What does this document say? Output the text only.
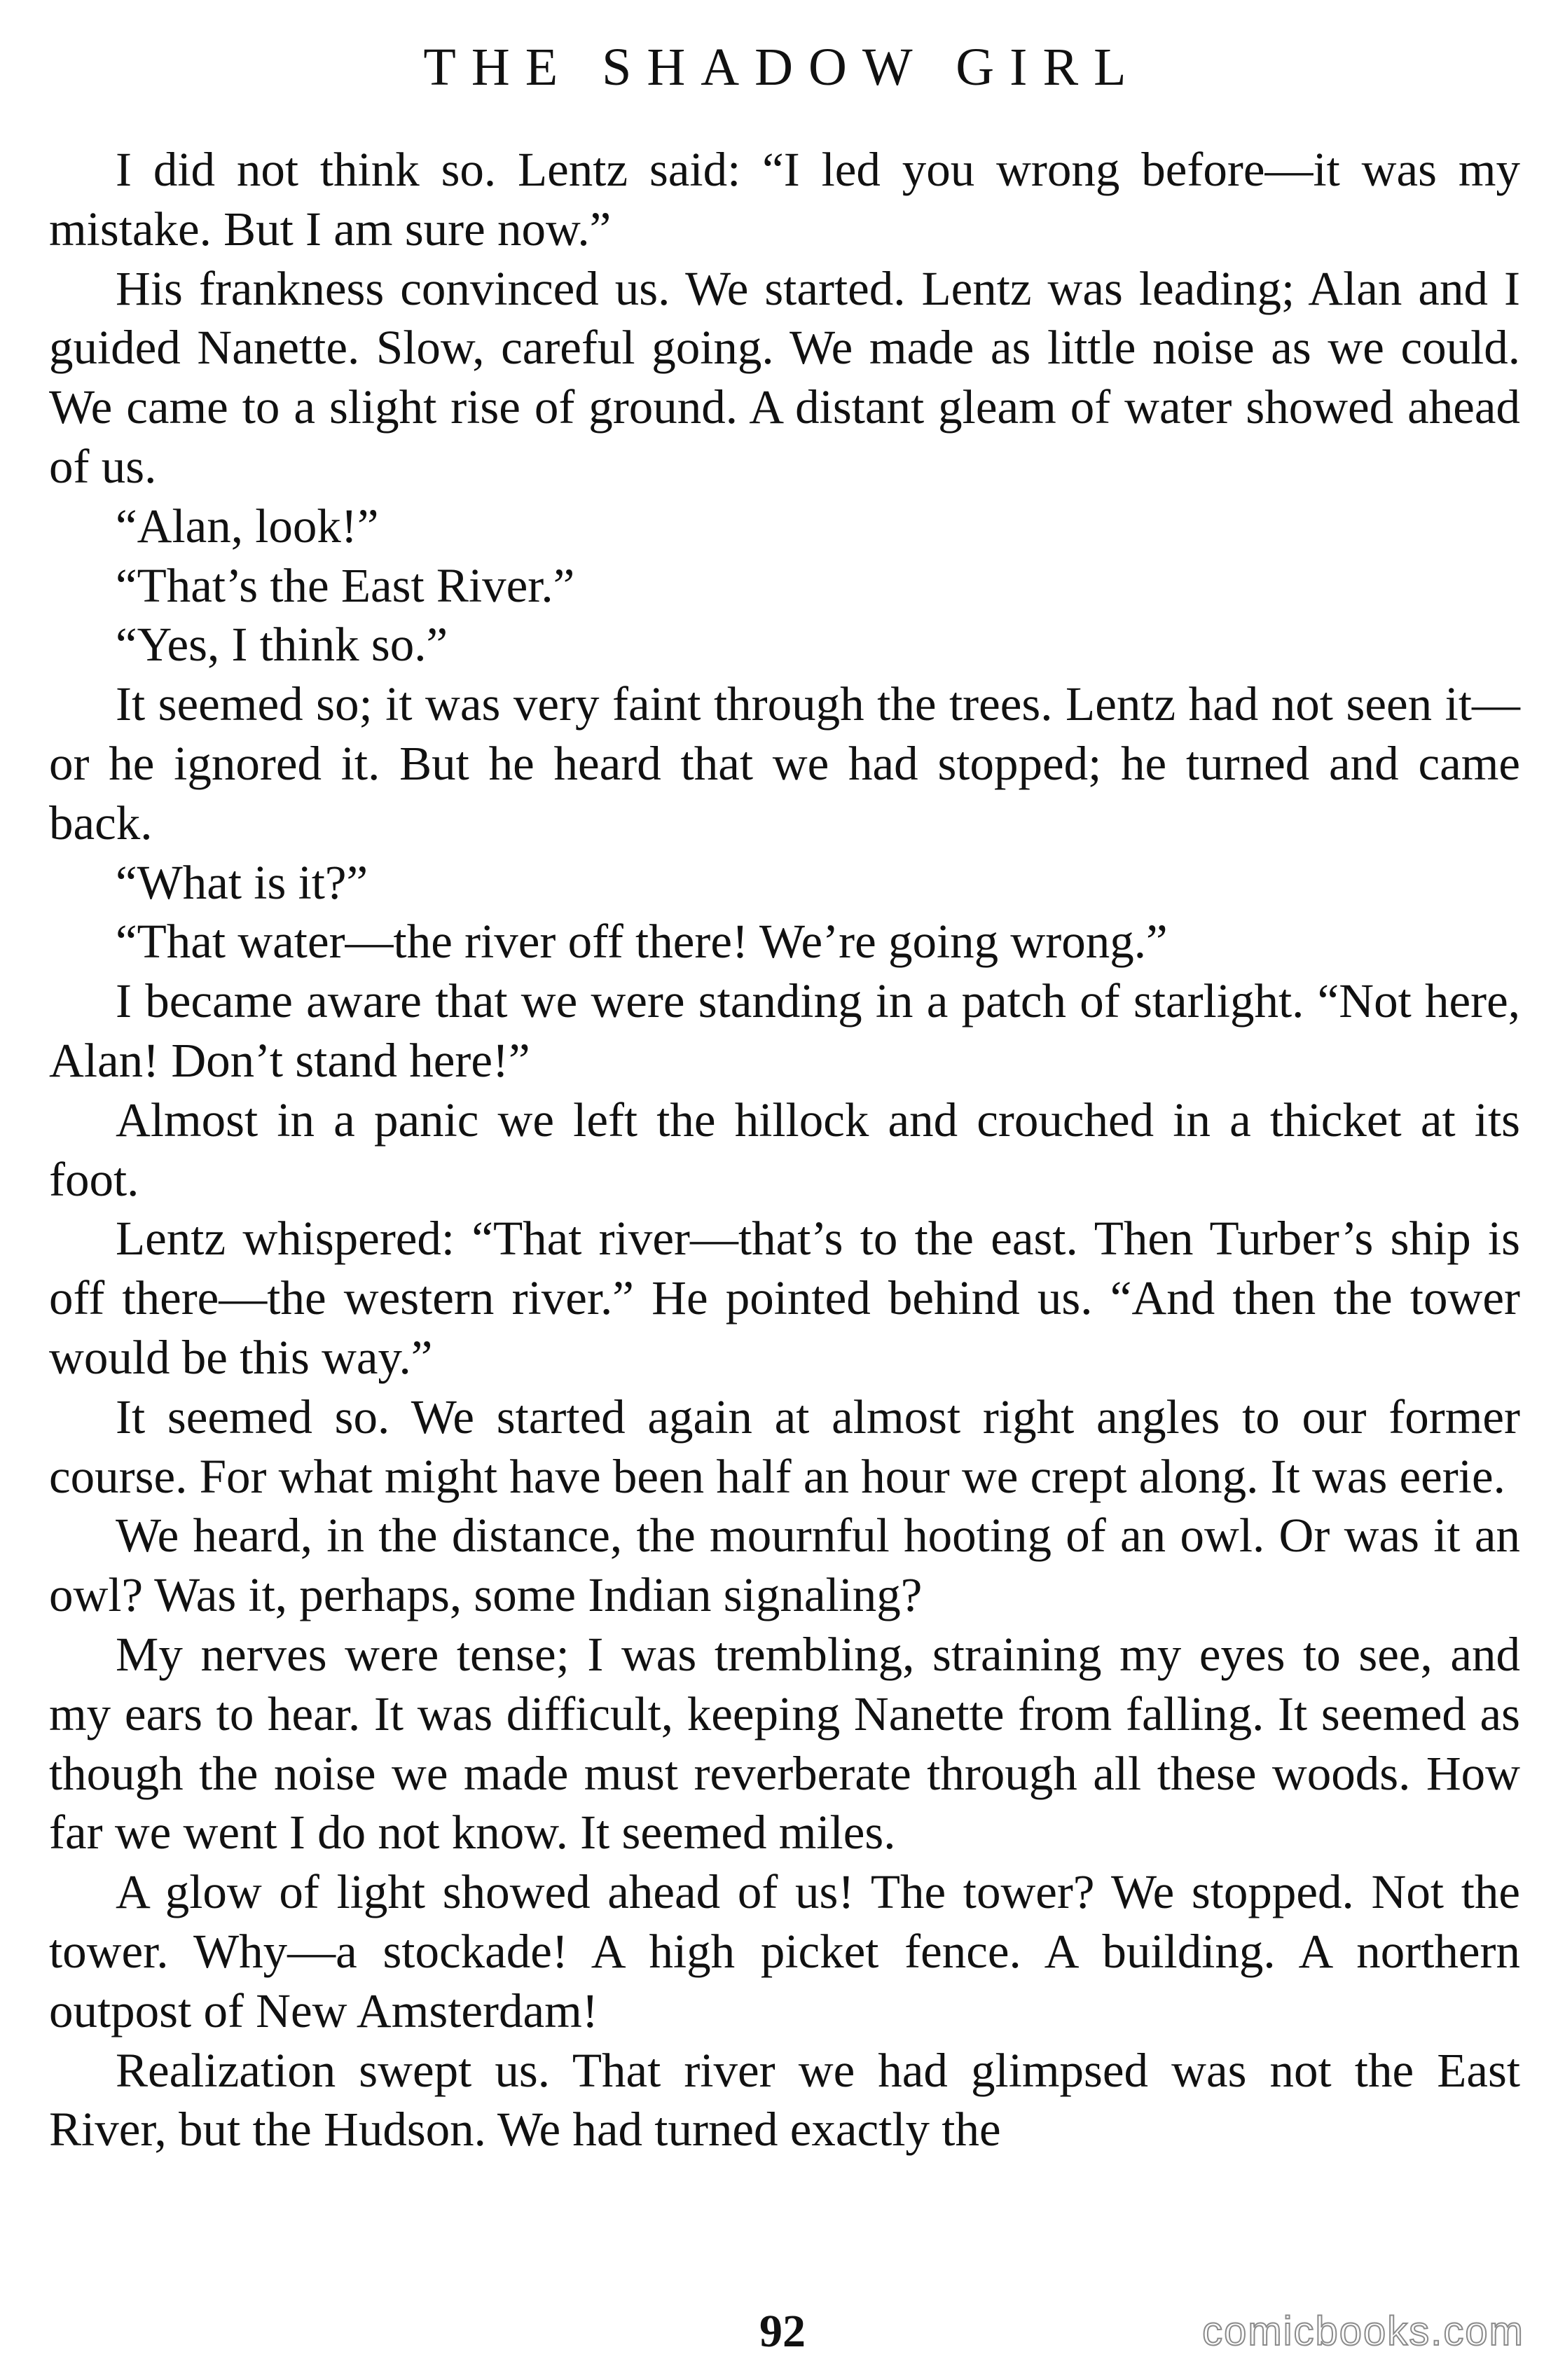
THE SHADOW GIRL

I did not think so. Lentz said: “I led you wrong before—it was my mistake. But I am sure now.”

His frankness convinced us. We started. Lentz was leading; Alan and I guided Nanette. Slow, careful going. We made as little noise as we could. We came to a slight rise of ground. A distant gleam of water showed ahead of us.

“Alan, look!”

“That’s the East River.”

“Yes, I think so.”

It seemed so; it was very faint through the trees. Lentz had not seen it—or he ignored it. But he heard that we had stopped; he turned and came back.

“What is it?”

“That water—the river off there! We’re going wrong.”

I became aware that we were standing in a patch of starlight. “Not here, Alan! Don’t stand here!”

Almost in a panic we left the hillock and crouched in a thicket at its foot.

Lentz whispered: “That river—that’s to the east. Then Turber’s ship is off there—the western river.” He pointed behind us. “And then the tower would be this way.”

It seemed so. We started again at almost right angles to our former course. For what might have been half an hour we crept along. It was eerie.

We heard, in the distance, the mournful hooting of an owl. Or was it an owl? Was it, perhaps, some Indian signaling?

My nerves were tense; I was trembling, straining my eyes to see, and my ears to hear. It was difficult, keeping Nanette from falling. It seemed as though the noise we made must reverberate through all these woods. How far we went I do not know. It seemed miles.

A glow of light showed ahead of us! The tower? We stopped. Not the tower. Why—a stockade! A high picket fence. A building. A northern outpost of New Amsterdam!

Realization swept us. That river we had glimpsed was not the East River, but the Hudson. We had turned exactly the

92	comicbooks.com
